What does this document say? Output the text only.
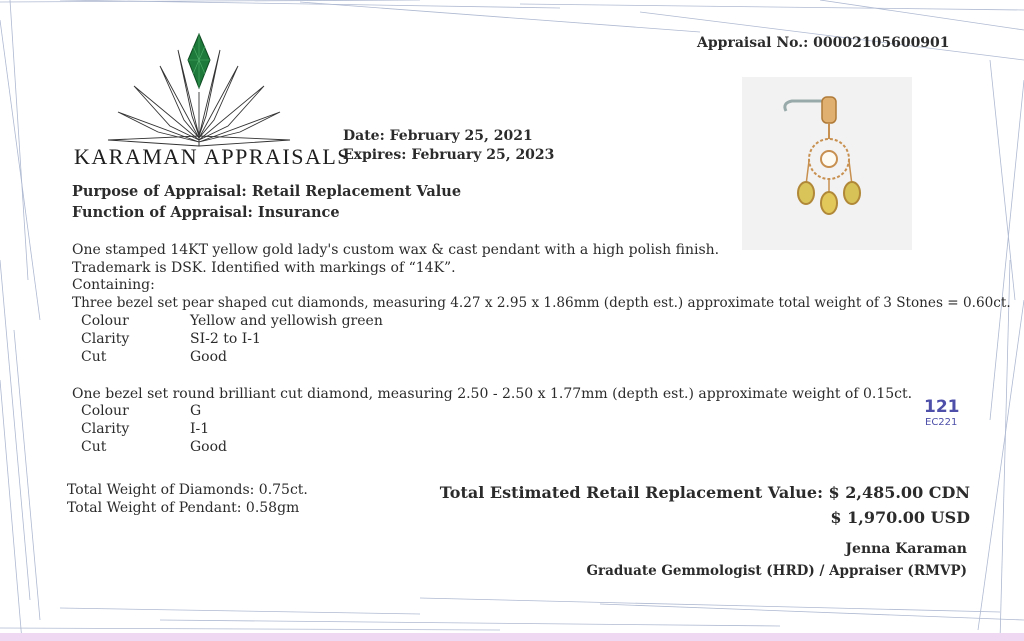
KARAMAN APPRAISALS
Appraisal No.: 00002105600901
Date: February 25, 2021
Expires: February 25, 2023
Purpose of Appraisal: Retail Replacement Value
Function of Appraisal: Insurance
One stamped 14KT yellow gold lady's custom wax & cast pendant with a high polish finish.
Trademark is DSK. Identified with markings of “14K”.
Containing:
Three bezel set pear shaped cut diamonds, measuring 4.27 x 2.95 x 1.86mm (depth est.) approximate total weight of 3 Stones = 0.60ct.
Colour	Yellow and yellowish green
Clarity	SI-2 to I-1
Cut	Good
One bezel set round brilliant cut diamond, measuring 2.50 - 2.50 x 1.77mm (depth est.) approximate weight of 0.15ct.
Colour	G
Clarity	I-1
Cut	Good
121
EC221
Total Weight of Diamonds: 0.75ct.
Total Weight of Pendant: 0.58gm
Total Estimated Retail Replacement Value: $ 2,485.00 CDN
$ 1,970.00 USD
Jenna Karaman
Graduate Gemmologist (HRD) / Appraiser (RMVP)
